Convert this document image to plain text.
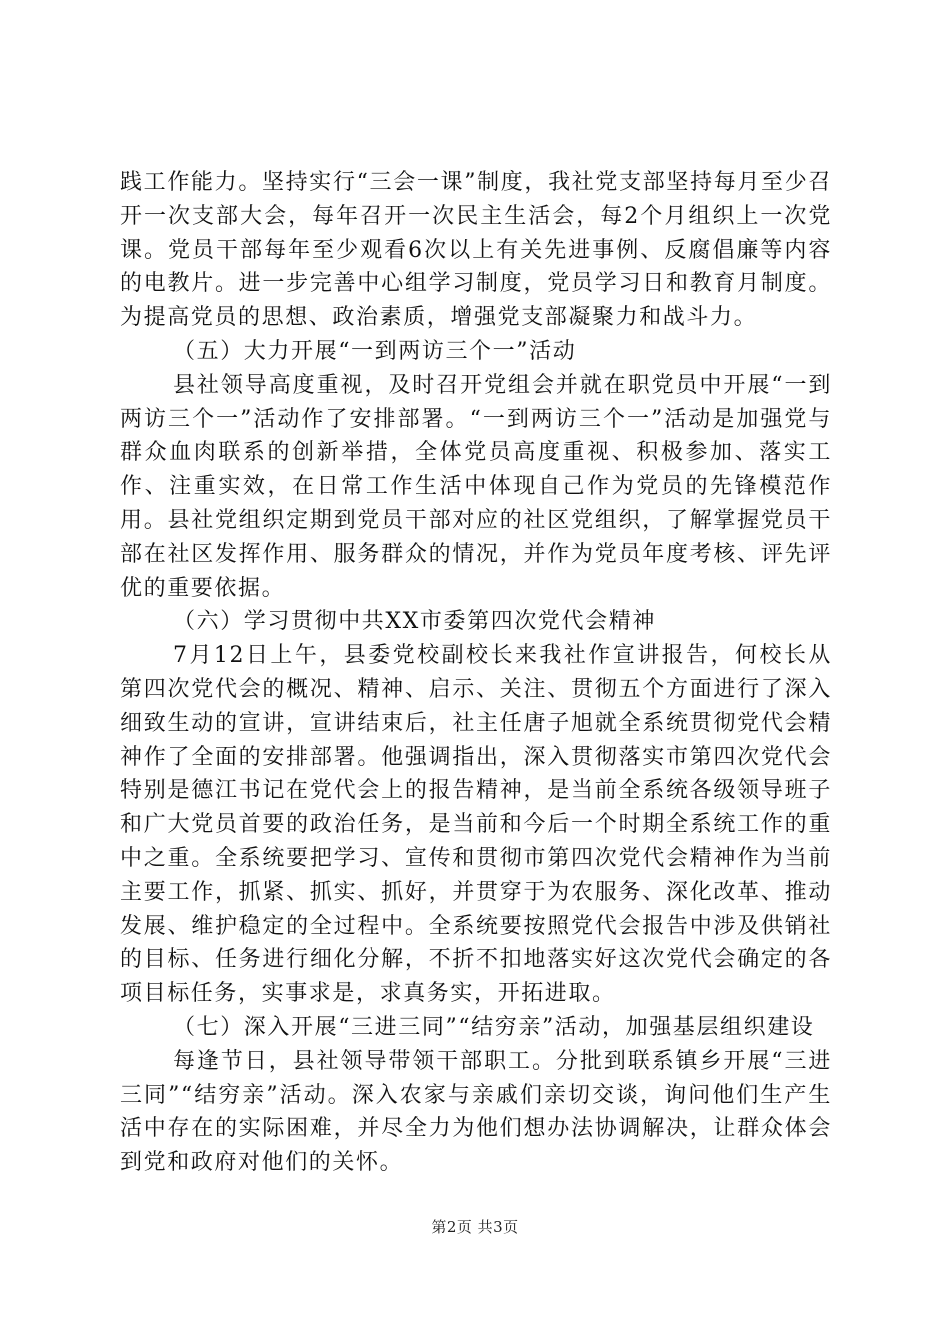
践工作能力。坚持实行“三会一课”制度，我社党支部坚持每月至少召开一次支部大会，每年召开一次民主生活会，每2个月组织上一次党课。党员干部每年至少观看6次以上有关先进事例、反腐倡廉等内容的电教片。进一步完善中心组学习制度，党员学习日和教育月制度。为提高党员的思想、政治素质，增强党支部凝聚力和战斗力。

（五）大力开展“一到两访三个一”活动

县社领导高度重视，及时召开党组会并就在职党员中开展“一到两访三个一”活动作了安排部署。“一到两访三个一”活动是加强党与群众血肉联系的创新举措，全体党员高度重视、积极参加、落实工作、注重实效，在日常工作生活中体现自己作为党员的先锋模范作用。县社党组织定期到党员干部对应的社区党组织，了解掌握党员干部在社区发挥作用、服务群众的情况，并作为党员年度考核、评先评优的重要依据。

（六）学习贯彻中共XX市委第四次党代会精神

7月12日上午，县委党校副校长来我社作宣讲报告，何校长从第四次党代会的概况、精神、启示、关注、贯彻五个方面进行了深入细致生动的宣讲，宣讲结束后，社主任唐子旭就全系统贯彻党代会精神作了全面的安排部署。他强调指出，深入贯彻落实市第四次党代会特别是德江书记在党代会上的报告精神，是当前全系统各级领导班子和广大党员首要的政治任务，是当前和今后一个时期全系统工作的重中之重。全系统要把学习、宣传和贯彻市第四次党代会精神作为当前主要工作，抓紧、抓实、抓好，并贯穿于为农服务、深化改革、推动发展、维护稳定的全过程中。全系统要按照党代会报告中涉及供销社的目标、任务进行细化分解，不折不扣地落实好这次党代会确定的各项目标任务，实事求是，求真务实，开拓进取。

（七）深入开展“三进三同”“结穷亲”活动，加强基层组织建设

每逢节日，县社领导带领干部职工。分批到联系镇乡开展“三进三同”“结穷亲”活动。深入农家与亲戚们亲切交谈，询问他们生产生活中存在的实际困难，并尽全力为他们想办法协调解决，让群众体会到党和政府对他们的关怀。

第2页 共3页
